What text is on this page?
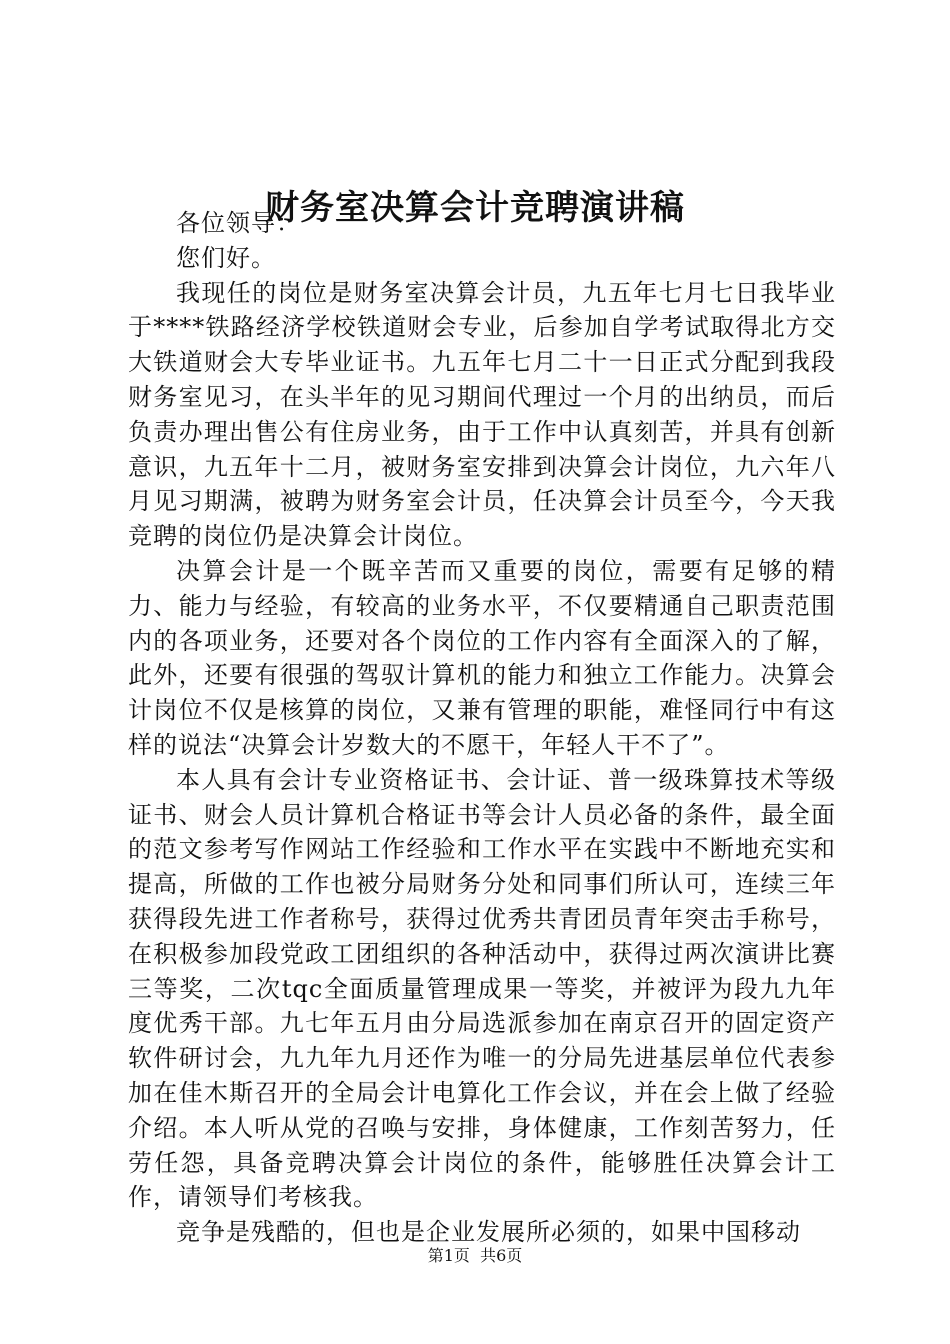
财务室决算会计竞聘演讲稿

各位领导：

您们好。

我现任的岗位是财务室决算会计员，九五年七月七日我毕业于****铁路经济学校铁道财会专业，后参加自学考试取得北方交大铁道财会大专毕业证书。九五年七月二十一日正式分配到我段财务室见习，在头半年的见习期间代理过一个月的出纳员，而后负责办理出售公有住房业务，由于工作中认真刻苦，并具有创新意识，九五年十二月，被财务室安排到决算会计岗位，九六年八月见习期满，被聘为财务室会计员，任决算会计员至今，今天我竞聘的岗位仍是决算会计岗位。

决算会计是一个既辛苦而又重要的岗位，需要有足够的精力、能力与经验，有较高的业务水平，不仅要精通自己职责范围内的各项业务，还要对各个岗位的工作内容有全面深入的了解，此外，还要有很强的驾驭计算机的能力和独立工作能力。决算会计岗位不仅是核算的岗位，又兼有管理的职能，难怪同行中有这样的说法“决算会计岁数大的不愿干，年轻人干不了”。

本人具有会计专业资格证书、会计证、普一级珠算技术等级证书、财会人员计算机合格证书等会计人员必备的条件，最全面的范文参考写作网站工作经验和工作水平在实践中不断地充实和提高，所做的工作也被分局财务分处和同事们所认可，连续三年获得段先进工作者称号，获得过优秀共青团员青年突击手称号，在积极参加段党政工团组织的各种活动中，获得过两次演讲比赛三等奖，二次tqc全面质量管理成果一等奖，并被评为段九九年度优秀干部。九七年五月由分局选派参加在南京召开的固定资产软件研讨会，九九年九月还作为唯一的分局先进基层单位代表参加在佳木斯召开的全局会计电算化工作会议，并在会上做了经验介绍。本人听从党的召唤与安排，身体健康，工作刻苦努力，任劳任怨，具备竞聘决算会计岗位的条件，能够胜任决算会计工作，请领导们考核我。

竞争是残酷的，但也是企业发展所必须的，如果中国移动

第1页  共6页
